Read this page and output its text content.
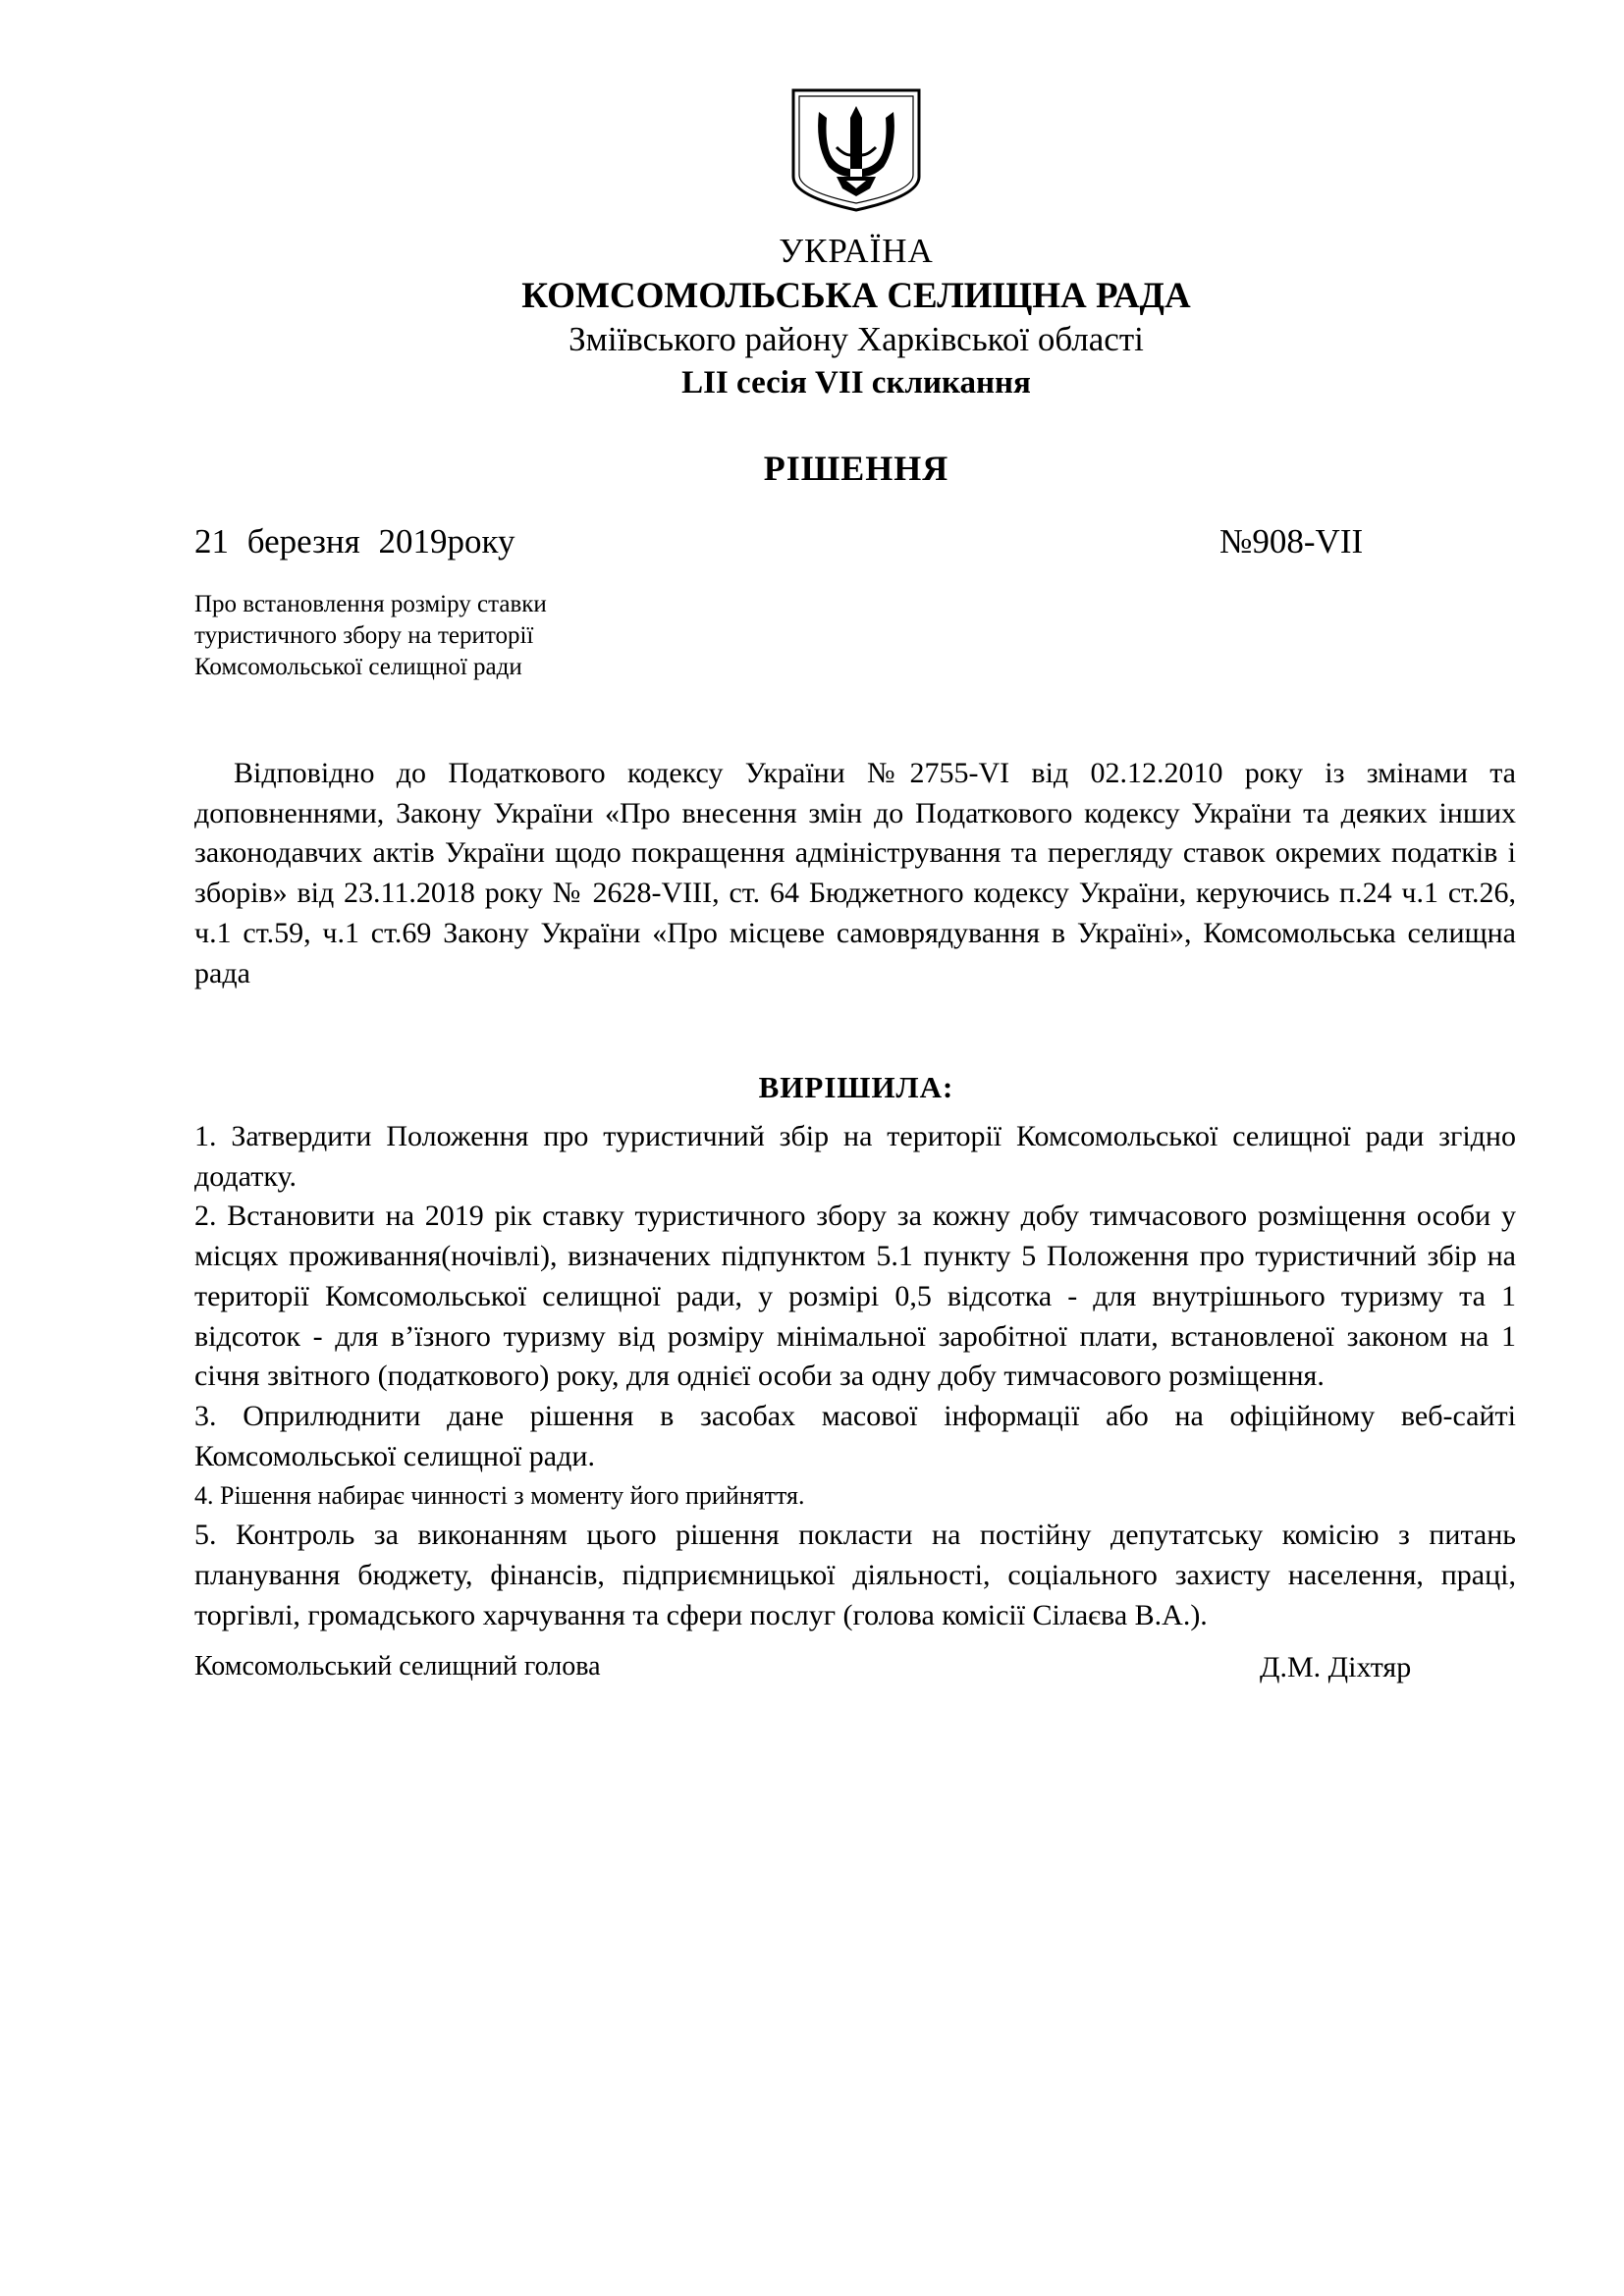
УКРАЇНА
КОМСОМОЛЬСЬКА СЕЛИЩНА РАДА
Зміївського району Харківської області
LII сесія VII скликання
РІШЕННЯ
21 березня 2019року	№908-VII
Про встановлення розміру ставки
туристичного збору на території
Комсомольської селищної ради
Відповідно до Податкового кодексу України №2755-VI від 02.12.2010 року із змінами та доповненнями, Закону України «Про внесення змін до Податкового кодексу України та деяких інших законодавчих актів України щодо покращення адміністрування та перегляду ставок окремих податків і зборів» від 23.11.2018 року № 2628-VIII, ст. 64 Бюджетного кодексу України, керуючись п.24 ч.1 ст.26, ч.1 ст.59, ч.1 ст.69 Закону України «Про місцеве самоврядування в Україні», Комсомольська селищна рада
ВИРІШИЛА:

1. Затвердити Положення про туристичний збір на території Комсомольської селищної ради згідно додатку.

2. Встановити на 2019 рік ставку туристичного збору за кожну добу тимчасового розміщення особи у місцях проживання(ночівлі), визначених підпунктом 5.1 пункту 5 Положення про туристичний збір на території Комсомольської селищної ради, у розмірі 0,5 відсотка - для внутрішнього туризму та 1 відсоток - для в’їзного туризму від розміру мінімальної заробітної плати, встановленої законом на 1 січня звітного (податкового) року, для однієї особи за одну добу тимчасового розміщення.

3. Оприлюднити дане рішення в засобах масової інформації або на офіційному веб-сайті Комсомольської селищної ради.

4. Рішення набирає чинності з моменту його прийняття.

5. Контроль за виконанням цього рішення покласти на постійну депутатську комісію з питань планування бюджету, фінансів, підприємницької діяльності, соціального захисту населення, праці, торгівлі, громадського харчування та сфери послуг (голова комісії Сілаєва В.А.).

Комсомольський селищний голова	Д.М. Діхтяр
